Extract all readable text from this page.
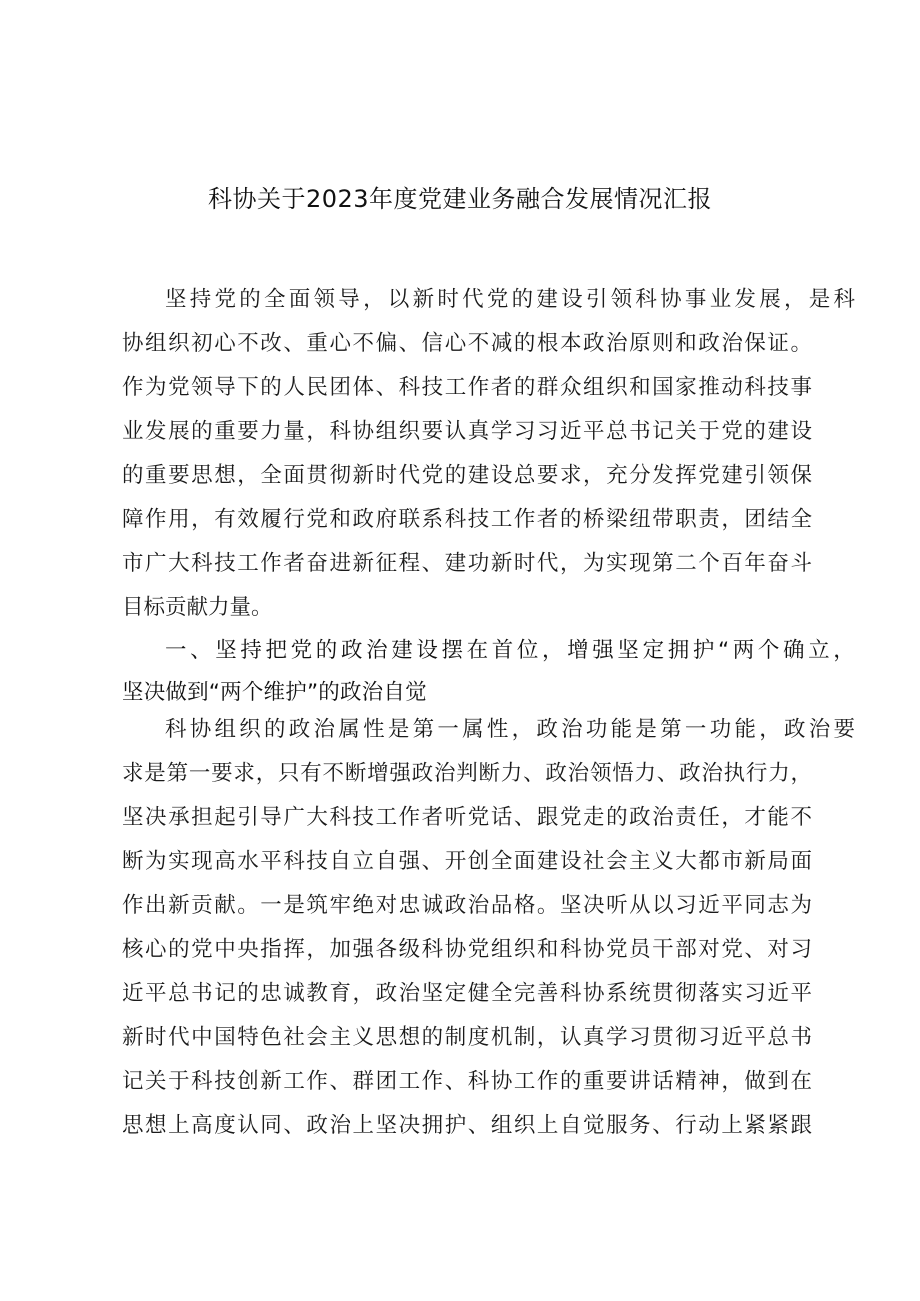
科协关于2023年度党建业务融合发展情况汇报
坚持党的全面领导，以新时代党的建设引领科协事业发展，是科
协组织初心不改、重心不偏、信心不减的根本政治原则和政治保证。
作为党领导下的人民团体、科技工作者的群众组织和国家推动科技事
业发展的重要力量，科协组织要认真学习习近平总书记关于党的建设
的重要思想，全面贯彻新时代党的建设总要求，充分发挥党建引领保
障作用，有效履行党和政府联系科技工作者的桥梁纽带职责，团结全
市广大科技工作者奋进新征程、建功新时代，为实现第二个百年奋斗
目标贡献力量。
一、坚持把党的政治建设摆在首位，增强坚定拥护“两个确立，
坚决做到“两个维护”的政治自觉
科协组织的政治属性是第一属性，政治功能是第一功能，政治要
求是第一要求，只有不断增强政治判断力、政治领悟力、政治执行力，
坚决承担起引导广大科技工作者听党话、跟党走的政治责任，才能不
断为实现高水平科技自立自强、开创全面建设社会主义大都市新局面
作出新贡献。一是筑牢绝对忠诚政治品格。坚决听从以习近平同志为
核心的党中央指挥，加强各级科协党组织和科协党员干部对党、对习
近平总书记的忠诚教育，政治坚定健全完善科协系统贯彻落实习近平
新时代中国特色社会主义思想的制度机制，认真学习贯彻习近平总书
记关于科技创新工作、群团工作、科协工作的重要讲话精神，做到在
思想上高度认同、政治上坚决拥护、组织上自觉服务、行动上紧紧跟
